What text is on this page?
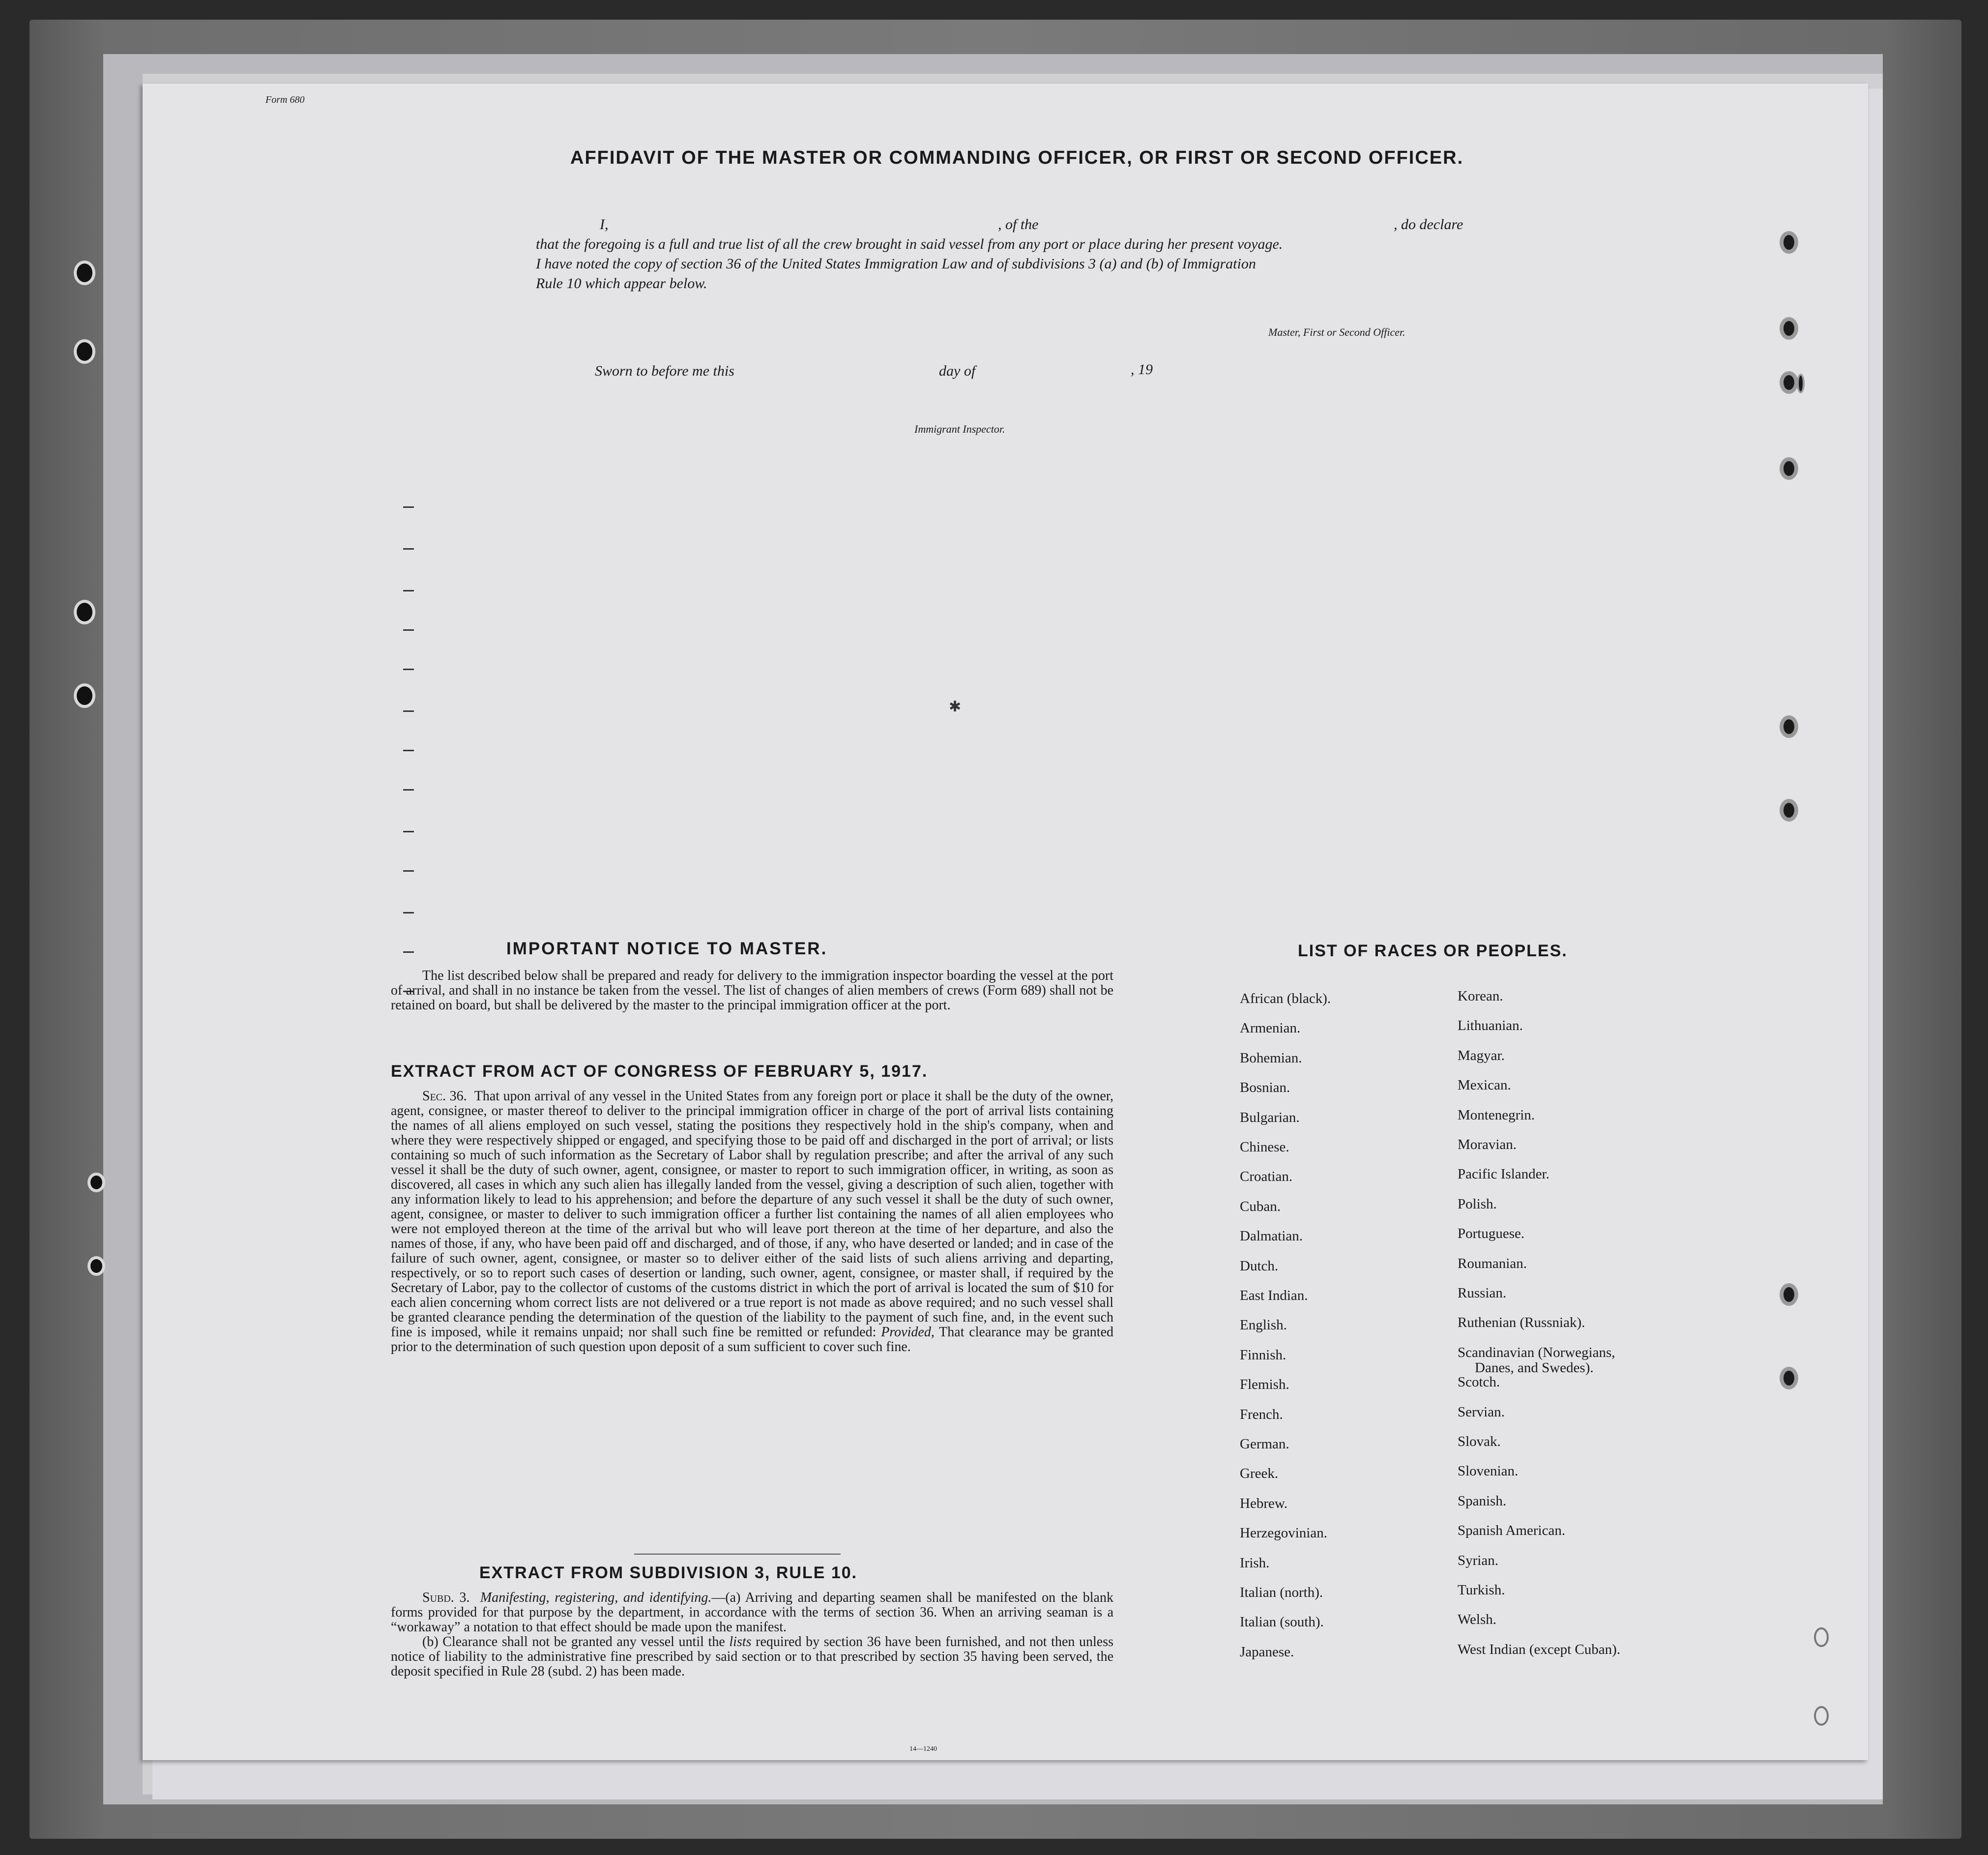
Form 680
AFFIDAVIT OF THE MASTER OR COMMANDING OFFICER, OR FIRST OR SECOND OFFICER.
I,	, of the	, do declare
that the foregoing is a full and true list of all the crew brought in said vessel from any port or place during her present voyage.
I have noted the copy of section 36 of the United States Immigration Law and of subdivisions 3 (a) and (b) of Immigration
Rule 10 which appear below.
Master, First or Second Officer.
Sworn to before me this	day of	, 19
Immigrant Inspector.
IMPORTANT NOTICE TO MASTER.

The list described below shall be prepared and ready for delivery to the immigration inspector boarding the vessel at the port of arrival, and shall in no instance be taken from the vessel. The list of changes of alien members of crews (Form 689) shall not be retained on board, but shall be delivered by the master to the principal immigration officer at the port.

EXTRACT FROM ACT OF CONGRESS OF FEBRUARY 5, 1917.

Sec. 36. That upon arrival of any vessel in the United States from any foreign port or place it shall be the duty of the owner, agent, consignee, or master thereof to deliver to the principal immigration officer in charge of the port of arrival lists containing the names of all aliens employed on such vessel, stating the positions they respectively hold in the ship's company, when and where they were respectively shipped or engaged, and specifying those to be paid off and discharged in the port of arrival; or lists containing so much of such information as the Secretary of Labor shall by regulation prescribe; and after the arrival of any such vessel it shall be the duty of such owner, agent, consignee, or master to report to such immigration officer, in writing, as soon as discovered, all cases in which any such alien has illegally landed from the vessel, giving a description of such alien, together with any information likely to lead to his apprehension; and before the departure of any such vessel it shall be the duty of such owner, agent, consignee, or master to deliver to such immigration officer a further list containing the names of all alien employees who were not employed thereon at the time of the arrival but who will leave port thereon at the time of her departure, and also the names of those, if any, who have been paid off and discharged, and of those, if any, who have deserted or landed; and in case of the failure of such owner, agent, consignee, or master so to deliver either of the said lists of such aliens arriving and departing, respectively, or so to report such cases of desertion or landing, such owner, agent, consignee, or master shall, if required by the Secretary of Labor, pay to the collector of customs of the customs district in which the port of arrival is located the sum of $10 for each alien concerning whom correct lists are not delivered or a true report is not made as above required; and no such vessel shall be granted clearance pending the determination of the question of the liability to the payment of such fine, and, in the event such fine is imposed, while it remains unpaid; nor shall such fine be remitted or refunded: Provided, That clearance may be granted prior to the determination of such question upon deposit of a sum sufficient to cover such fine.

EXTRACT FROM SUBDIVISION 3, RULE 10.

Subd. 3. Manifesting, registering, and identifying.—(a) Arriving and departing seamen shall be manifested on the blank forms provided for that purpose by the department, in accordance with the terms of section 36. When an arriving seaman is a “workaway” a notation to that effect should be made upon the manifest.

(b) Clearance shall not be granted any vessel until the lists required by section 36 have been furnished, and not then unless notice of liability to the administrative fine prescribed by said section or to that prescribed by section 35 having been served, the deposit specified in Rule 28 (subd. 2) has been made.

14—1240
LIST OF RACES OR PEOPLES.
African (black).
Armenian.
Bohemian.
Bosnian.
Bulgarian.
Chinese.
Croatian.
Cuban.
Dalmatian.
Dutch.
East Indian.
English.
Finnish.
Flemish.
French.
German.
Greek.
Hebrew.
Herzegovinian.
Irish.
Italian (north).
Italian (south).
Japanese.
Korean.
Lithuanian.
Magyar.
Mexican.
Montenegrin.
Moravian.
Pacific Islander.
Polish.
Portuguese.
Roumanian.
Russian.
Ruthenian (Russniak).
Scandinavian (Norwegians,
Scotch.
Servian.
Slovak.
Slovenian.
Spanish.
Spanish American.
Syrian.
Turkish.
Welsh.
West Indian (except Cuban).
Danes, and Swedes).
✱
